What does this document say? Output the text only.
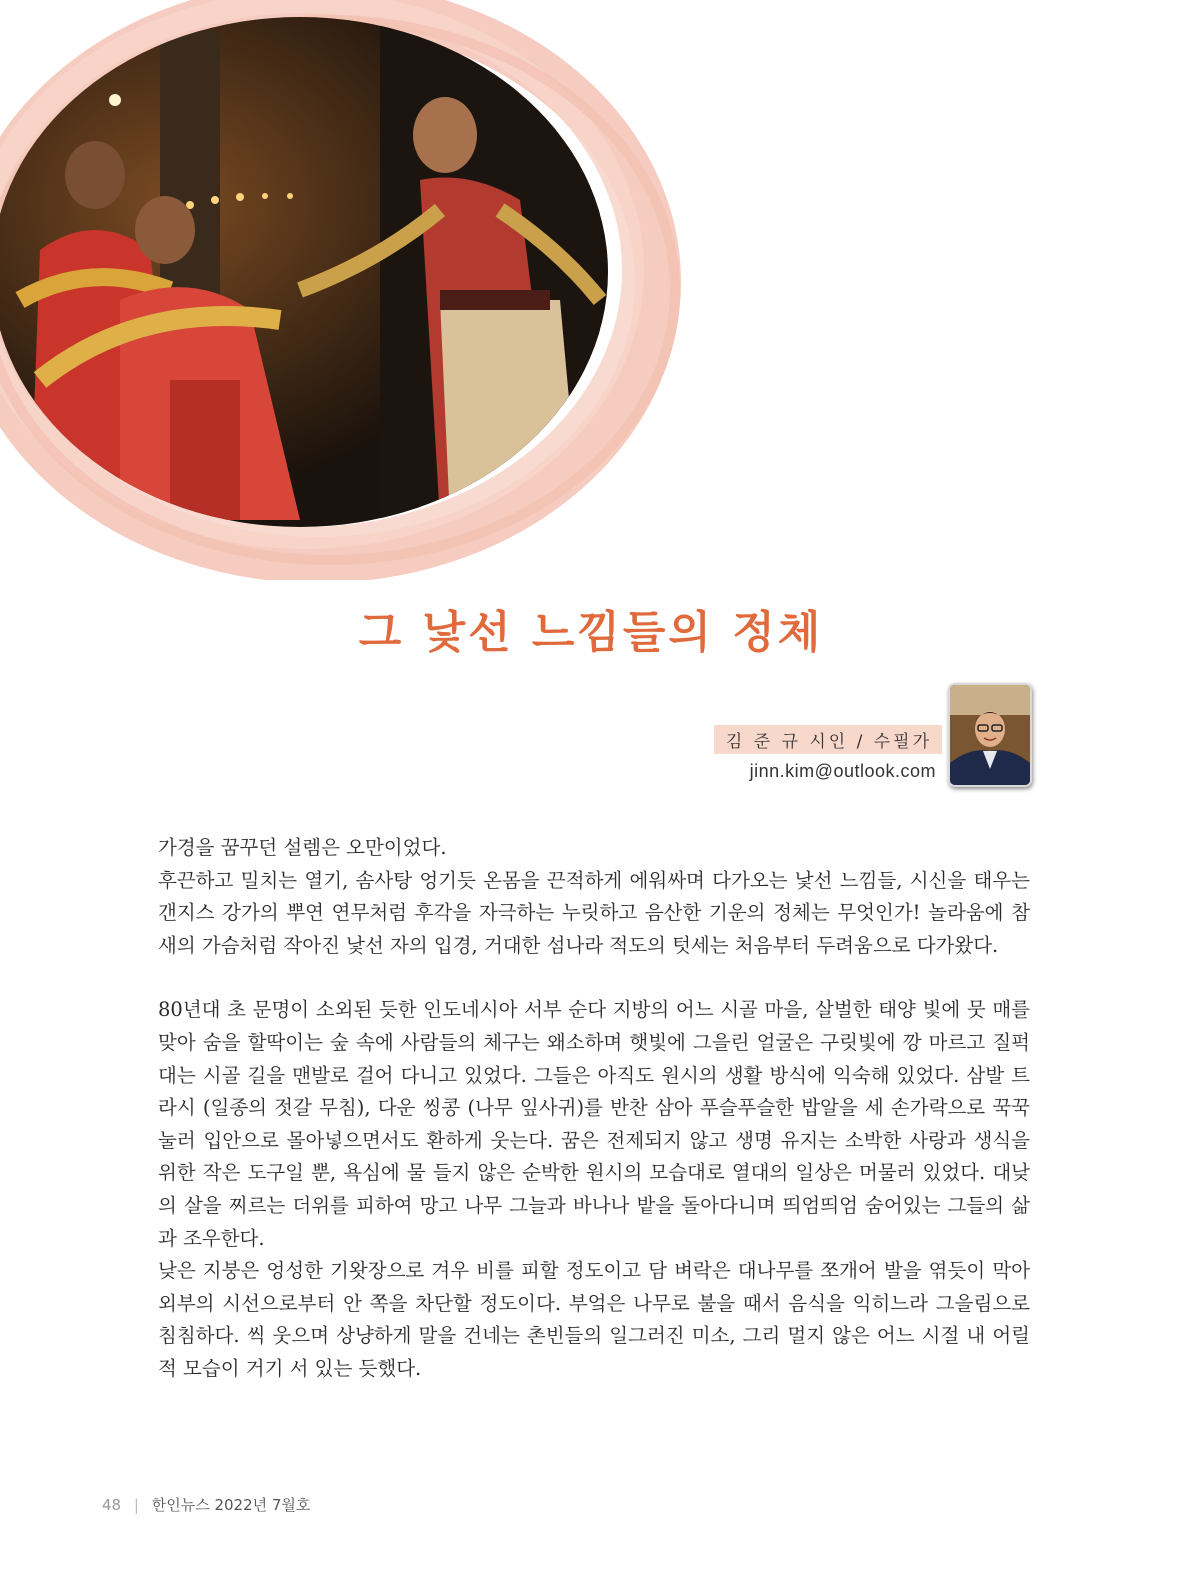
그 낯선 느낌들의 정체
김 준 규 시인 / 수필가
jinn.kim@outlook.com

가경을 꿈꾸던 설렘은 오만이었다.

후끈하고 밀치는 열기, 솜사탕 엉기듯 온몸을 끈적하게 에워싸며 다가오는 낯선 느낌들, 시신을 태우는 갠지스 강가의 뿌연 연무처럼 후각을 자극하는 누릿하고 음산한 기운의 정체는 무엇인가! 놀라움에 참새의 가슴처럼 작아진 낯선 자의 입경, 거대한 섬나라 적도의 텃세는 처음부터 두려움으로 다가왔다.

80년대 초 문명이 소외된 듯한 인도네시아 서부 순다 지방의 어느 시골 마을, 살벌한 태양 빛에 뭇 매를 맞아 숨을 할딱이는 숲 속에 사람들의 체구는 왜소하며 햇빛에 그을린 얼굴은 구릿빛에 깡 마르고 질퍽대는 시골 길을 맨발로 걸어 다니고 있었다. 그들은 아직도 원시의 생활 방식에 익숙해 있었다. 삼발 트라시 (일종의 젓갈 무침), 다운 씽콩 (나무 잎사귀)를 반찬 삼아 푸슬푸슬한 밥알을 세 손가락으로 꾹꾹 눌러 입안으로 몰아넣으면서도 환하게 웃는다. 꿈은 전제되지 않고 생명 유지는 소박한 사랑과 생식을 위한 작은 도구일 뿐, 욕심에 물 들지 않은 순박한 원시의 모습대로 열대의 일상은 머물러 있었다. 대낮의 살을 찌르는 더위를 피하여 망고 나무 그늘과 바나나 밭을 돌아다니며 띄엄띄엄 숨어있는 그들의 삶과 조우한다.

낮은 지붕은 엉성한 기왓장으로 겨우 비를 피할 정도이고 담 벼락은 대나무를 쪼개어 발을 엮듯이 막아 외부의 시선으로부터 안 쪽을 차단할 정도이다. 부엌은 나무로 불을 때서 음식을 익히느라 그을림으로 침침하다. 씩 웃으며 상냥하게 말을 건네는 촌빈들의 일그러진 미소, 그리 멀지 않은 어느 시절 내 어릴 적 모습이 거기 서 있는 듯했다.

48 | 한인뉴스 2022년 7월호
